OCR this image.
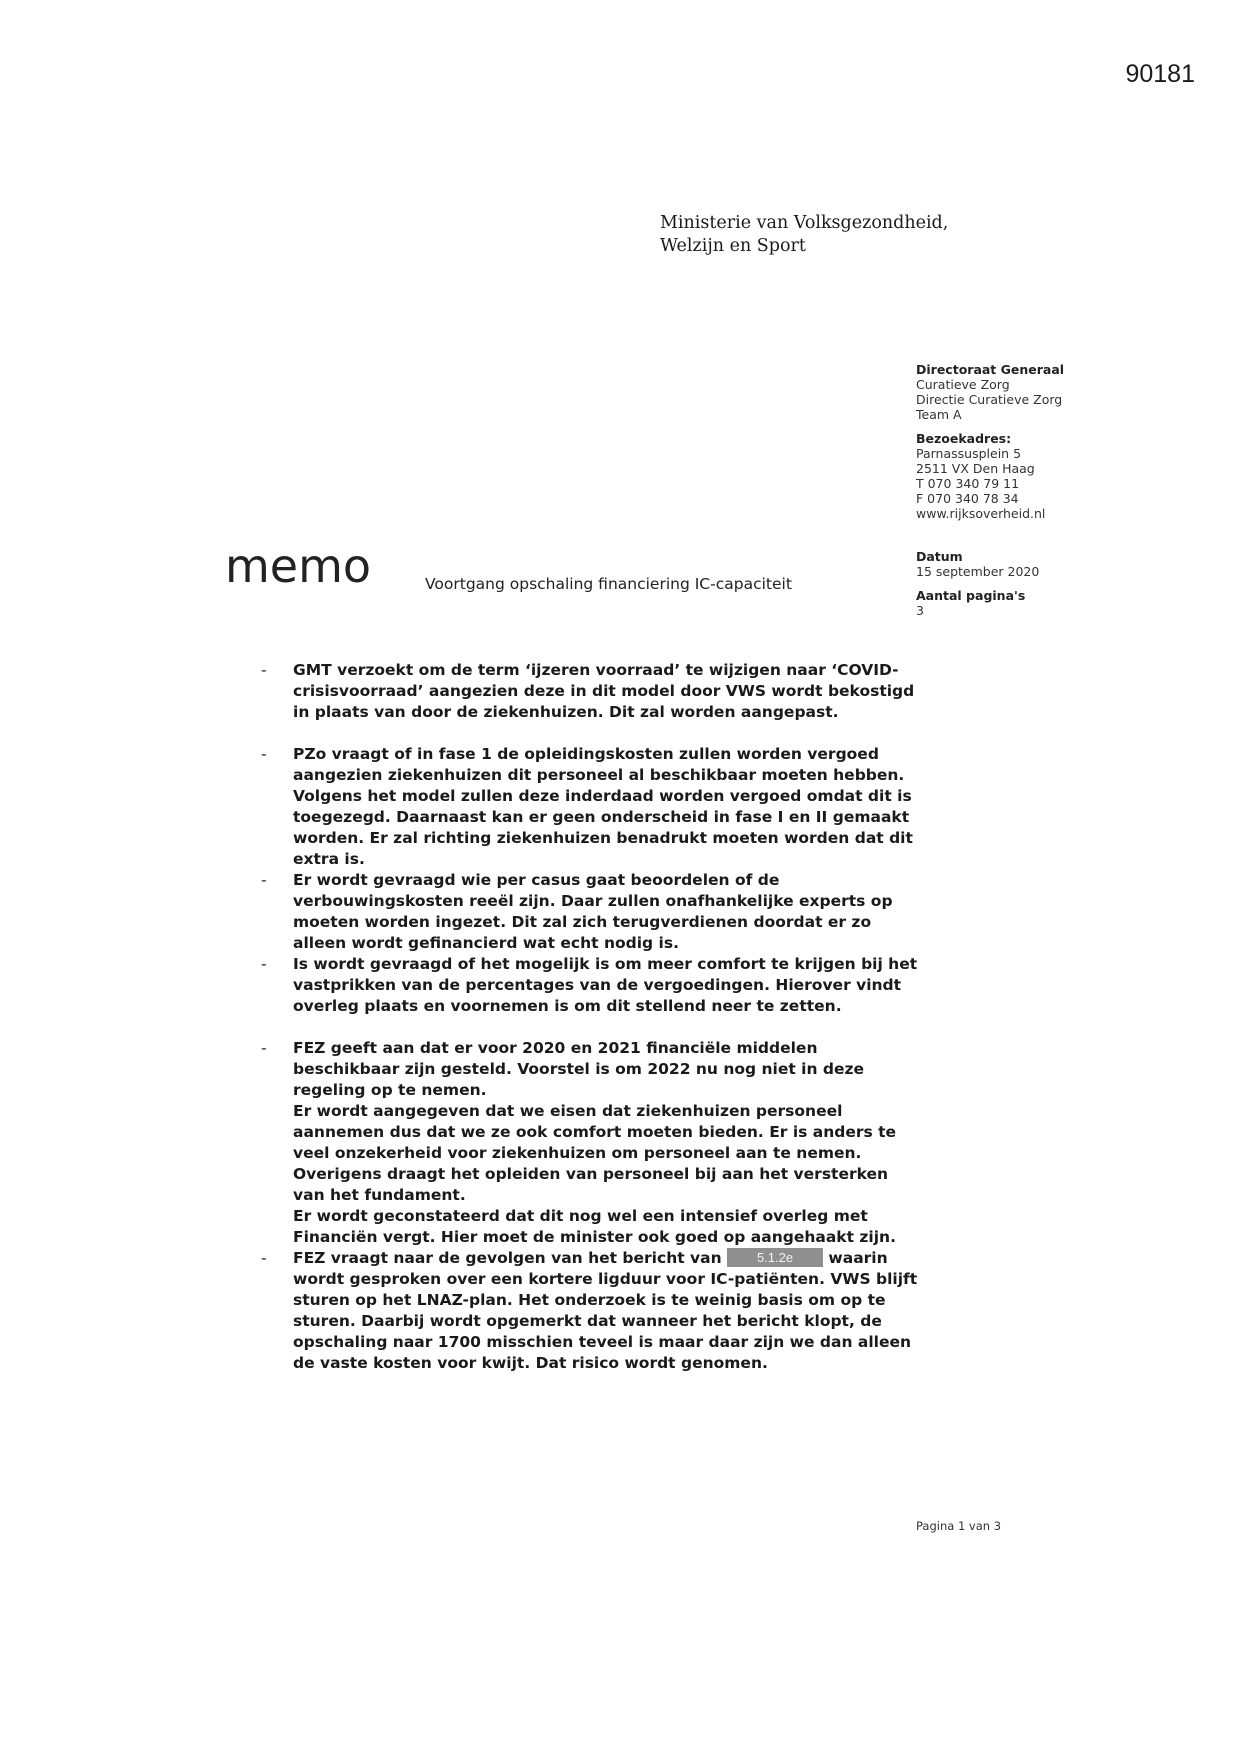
90181
Ministerie van Volksgezondheid,
Welzijn en Sport
Directoraat Generaal
Curatieve Zorg
Directie Curatieve Zorg
Team A
Bezoekadres:
Parnassusplein 5
2511 VX Den Haag
T 070 340 79 11
F 070 340 78 34
www.rijksoverheid.nl
Datum
15 september 2020
Aantal pagina's
3
memo	Voortgang opschaling financiering IC-capaciteit
- GMT verzoekt om de term ‘ijzeren voorraad’ te wijzigen naar ‘COVID-crisisvoorraad’ aangezien deze in dit model door VWS wordt bekostigd in plaats van door de ziekenhuizen. Dit zal worden aangepast.

- PZo vraagt of in fase 1 de opleidingskosten zullen worden vergoed aangezien ziekenhuizen dit personeel al beschikbaar moeten hebben. Volgens het model zullen deze inderdaad worden vergoed omdat dit is toegezegd. Daarnaast kan er geen onderscheid in fase I en II gemaakt worden. Er zal richting ziekenhuizen benadrukt moeten worden dat dit extra is.

- Er wordt gevraagd wie per casus gaat beoordelen of de verbouwingskosten reeël zijn. Daar zullen onafhankelijke experts op moeten worden ingezet. Dit zal zich terugverdienen doordat er zo alleen wordt gefinancierd wat echt nodig is.

- Is wordt gevraagd of het mogelijk is om meer comfort te krijgen bij het vastprikken van de percentages van de vergoedingen. Hierover vindt overleg plaats en voornemen is om dit stellend neer te zetten.

- FEZ geeft aan dat er voor 2020 en 2021 financiële middelen beschikbaar zijn gesteld. Voorstel is om 2022 nu nog niet in deze regeling op te nemen.

Er wordt aangegeven dat we eisen dat ziekenhuizen personeel aannemen dus dat we ze ook comfort moeten bieden. Er is anders te veel onzekerheid voor ziekenhuizen om personeel aan te nemen. Overigens draagt het opleiden van personeel bij aan het versterken van het fundament.

Er wordt geconstateerd dat dit nog wel een intensief overleg met Financiën vergt. Hier moet de minister ook goed op aangehaakt zijn.

- FEZ vraagt naar de gevolgen van het bericht van 5.1.2e waarin wordt gesproken over een kortere ligduur voor IC-patiënten. VWS blijft sturen op het LNAZ-plan. Het onderzoek is te weinig basis om op te sturen. Daarbij wordt opgemerkt dat wanneer het bericht klopt, de opschaling naar 1700 misschien teveel is maar daar zijn we dan alleen de vaste kosten voor kwijt. Dat risico wordt genomen.

Pagina 1 van 3
